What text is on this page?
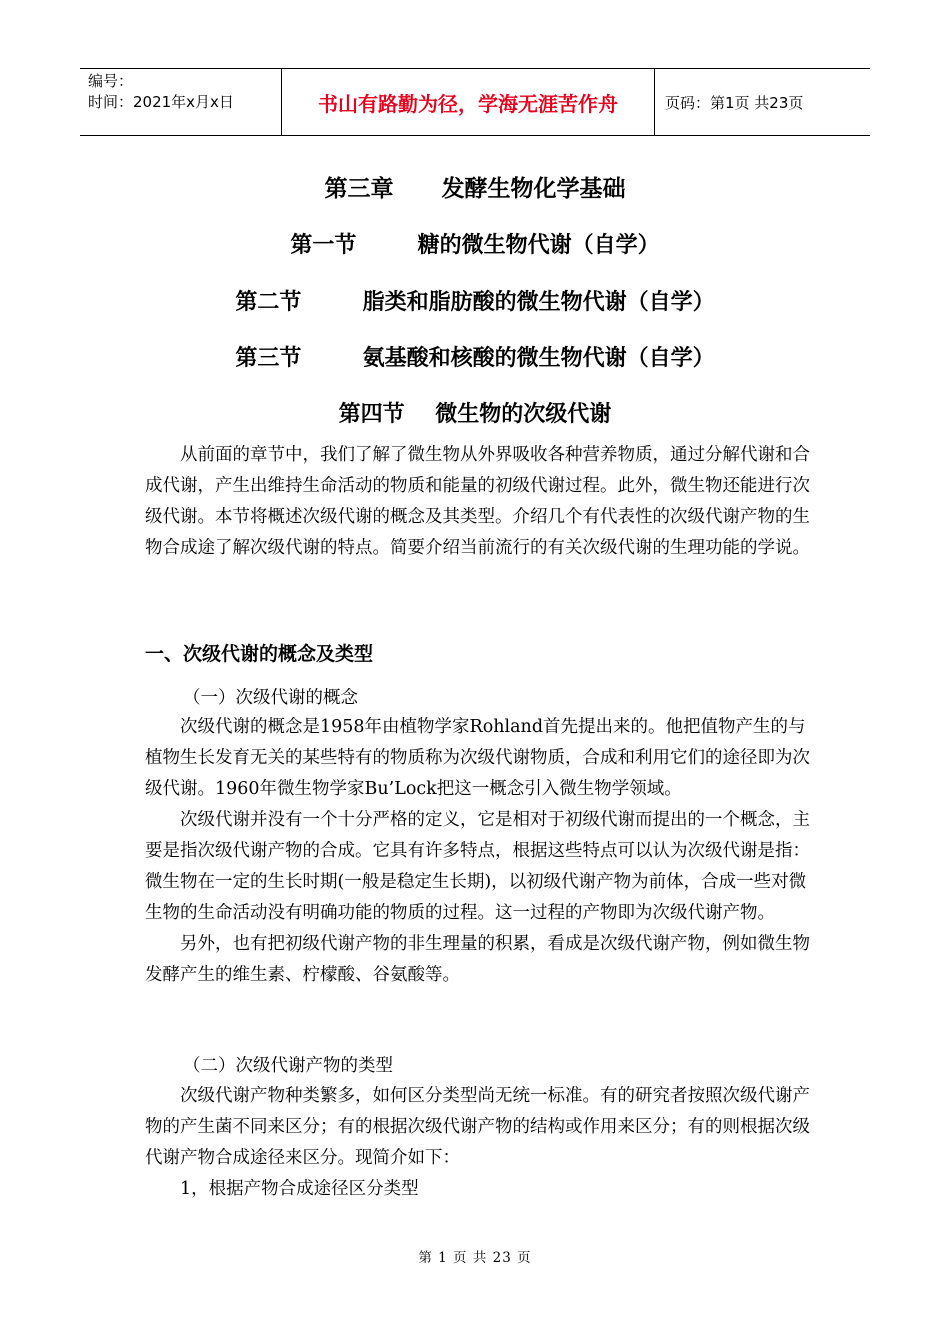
编号：
时间：2021年x月x日	书山有路勤为径，学海无涯苦作舟	页码：第1页 共23页
第三章      发酵生物化学基础
第一节        糖的微生物代谢（自学）
第二节        脂类和脂肪酸的微生物代谢（自学）
第三节        氨基酸和核酸的微生物代谢（自学）
第四节    微生物的次级代谢

从前面的章节中，我们了解了微生物从外界吸收各种营养物质，通过分解代谢和合成代谢，产生出维持生命活动的物质和能量的初级代谢过程。此外，微生物还能进行次级代谢。本节将概述次级代谢的概念及其类型。介绍几个有代表性的次级代谢产物的生物合成途了解次级代谢的特点。简要介绍当前流行的有关次级代谢的生理功能的学说。

一、次级代谢的概念及类型
（一）次级代谢的概念

次级代谢的概念是1958年由植物学家Rohland首先提出来的。他把值物产生的与植物生长发育无关的某些特有的物质称为次级代谢物质，合成和利用它们的途径即为次级代谢。1960年微生物学家Bu’Lock把这一概念引入微生物学领域。

次级代谢并没有一个十分严格的定义，它是相对于初级代谢而提出的一个概念，主要是指次级代谢产物的合成。它具有许多特点，根据这些特点可以认为次级代谢是指：微生物在一定的生长时期(一般是稳定生长期)，以初级代谢产物为前体，合成一些对微生物的生命活动没有明确功能的物质的过程。这一过程的产物即为次级代谢产物。

另外，也有把初级代谢产物的非生理量的积累，看成是次级代谢产物，例如微生物发酵产生的维生素、柠檬酸、谷氨酸等。

（二）次级代谢产物的类型

次级代谢产物种类繁多，如何区分类型尚无统一标准。有的研究者按照次级代谢产物的产生菌不同来区分；有的根据次级代谢产物的结构或作用来区分；有的则根据次级代谢产物合成途径来区分。现简介如下：

1，根据产物合成途径区分类型

第 1 页 共 23 页
